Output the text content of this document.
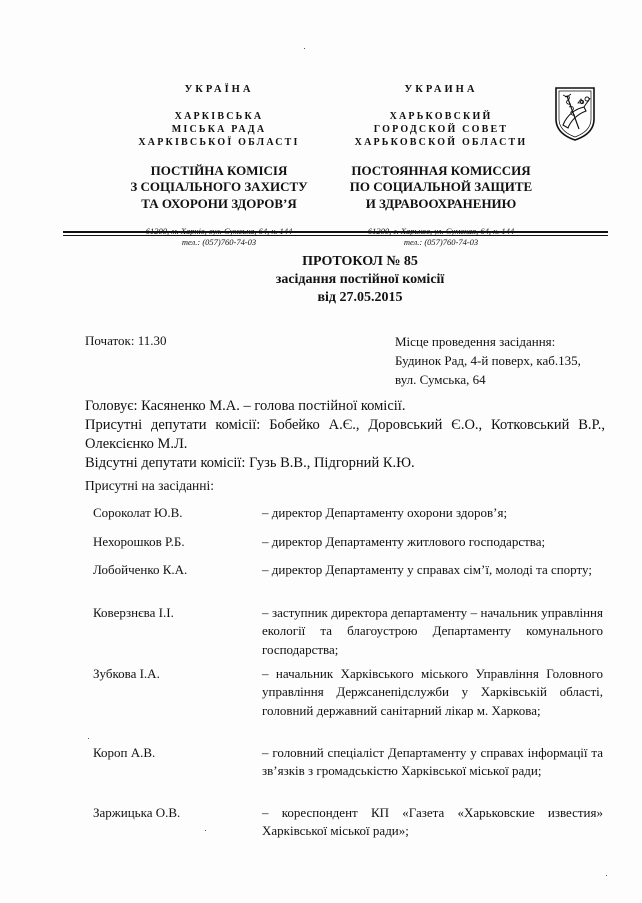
УКРАЇНА
ХАРКІВСЬКА
МІСЬКА РАДА
ХАРКІВСЬКОЇ ОБЛАСТІ
ПОСТІЙНА КОМІСІЯ
З СОЦІАЛЬНОГО ЗАХИСТУ
ТА ОХОРОНИ ЗДОРОВ’Я
тел.: (057)760-74-03
УКРАИНА
ХАРЬКОВСКИЙ
ГОРОДСКОЙ СОВЕТ
ХАРЬКОВСКОЙ ОБЛАСТИ
ПОСТОЯННАЯ КОМИССИЯ
ПО СОЦИАЛЬНОЙ ЗАЩИТЕ
И ЗДРАВООХРАНЕНИЮ
тел.: (057)760-74-03
ПРОТОКОЛ № 85
засідання постійної комісії
від 27.05.2015
Початок: 11.30	Місце проведення засідання:
Будинок Рад, 4-й поверх, каб.135,
вул. Сумська, 64
Головує: Касяненко М.А. – голова постійної комісії.
Присутні депутати комісії: Бобейко А.Є., Доровський Є.О., Котковський В.Р.,
Олексієнко М.Л.
Відсутні депутати комісії: Гузь В.В., Підгорний К.Ю.
Присутні на засіданні:
Сороколат Ю.В.	– директор Департаменту охорони здоров’я;
Нехорошков Р.Б.	– директор Департаменту житлового господарства;
Лобойченко К.А.	– директор Департаменту у справах сім’ї, молоді та спорту;
Коверзнєва І.І.	– заступник директора департаменту – начальник управління екології та благоустрою Департаменту комунального господарства;
Зубкова І.А.	– начальник Харківського міського Управління Головного управління Держсанепідслужби у Харківській області, головний державний санітарний лікар м. Харкова;
Короп А.В.	– головний спеціаліст Департаменту у справах інформації та зв’язків з громадськістю Харківської міської ради;
Заржицька О.В.	– кореспондент КП «Газета «Харьковские известия» Харківської міської ради»;
